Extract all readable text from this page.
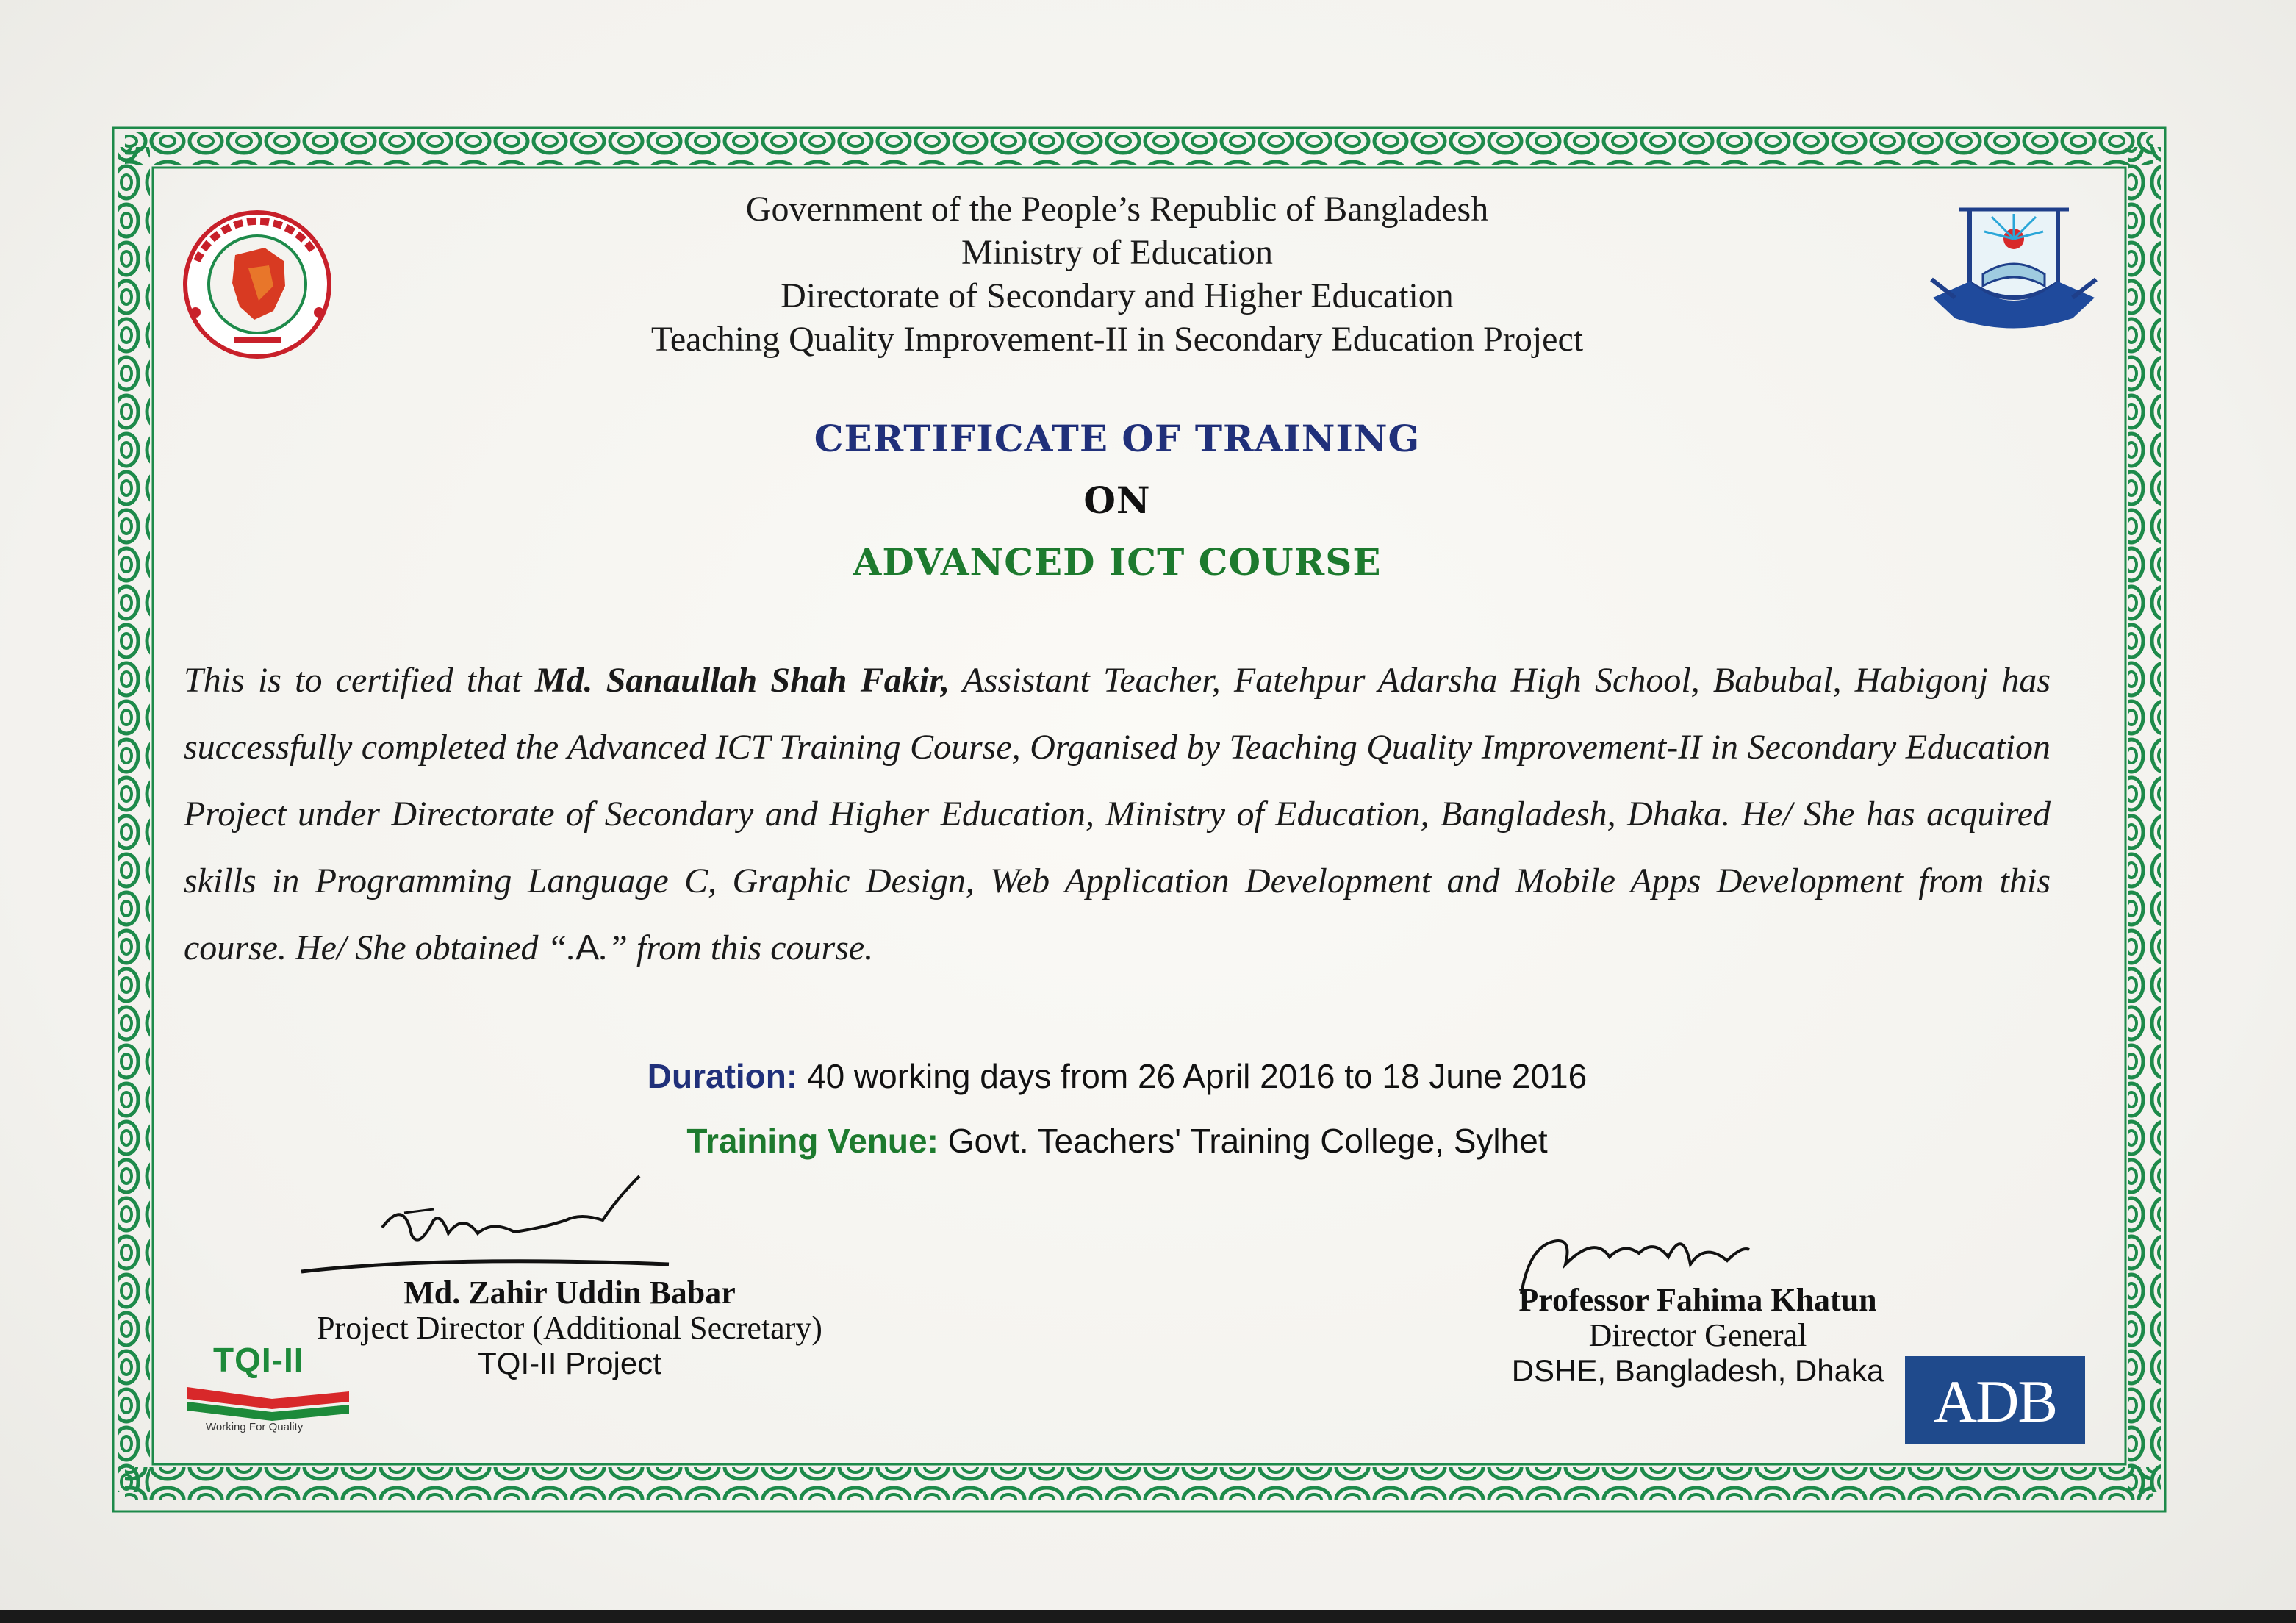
Government of the People’s Republic of Bangladesh
Ministry of Education
Directorate of Secondary and Higher Education
Teaching Quality Improvement-II in Secondary Education Project
CERTIFICATE OF TRAINING
ON
ADVANCED ICT COURSE
This is to certified that Md. Sanaullah Shah Fakir, Assistant Teacher, Fatehpur Adarsha High School, Babubal, Habigonj has successfully completed the Advanced ICT Training Course, Organised by Teaching Quality Improvement-II in Secondary Education Project under Directorate of Secondary and Higher Education, Ministry of Education, Bangladesh, Dhaka. He/ She has acquired skills in Programming Language C, Graphic Design, Web Application Development and Mobile Apps Development from this course. He/ She obtained “.A.” from this course.
Duration: 40 working days from 26 April 2016 to 18 June 2016
Training Venue: Govt. Teachers' Training College, Sylhet
Md. Zahir Uddin Babar
Project Director (Additional Secretary)
TQI-II Project
Professor Fahima Khatun
Director General
DSHE, Bangladesh, Dhaka
TQI-II
Working For Quality	ADB
